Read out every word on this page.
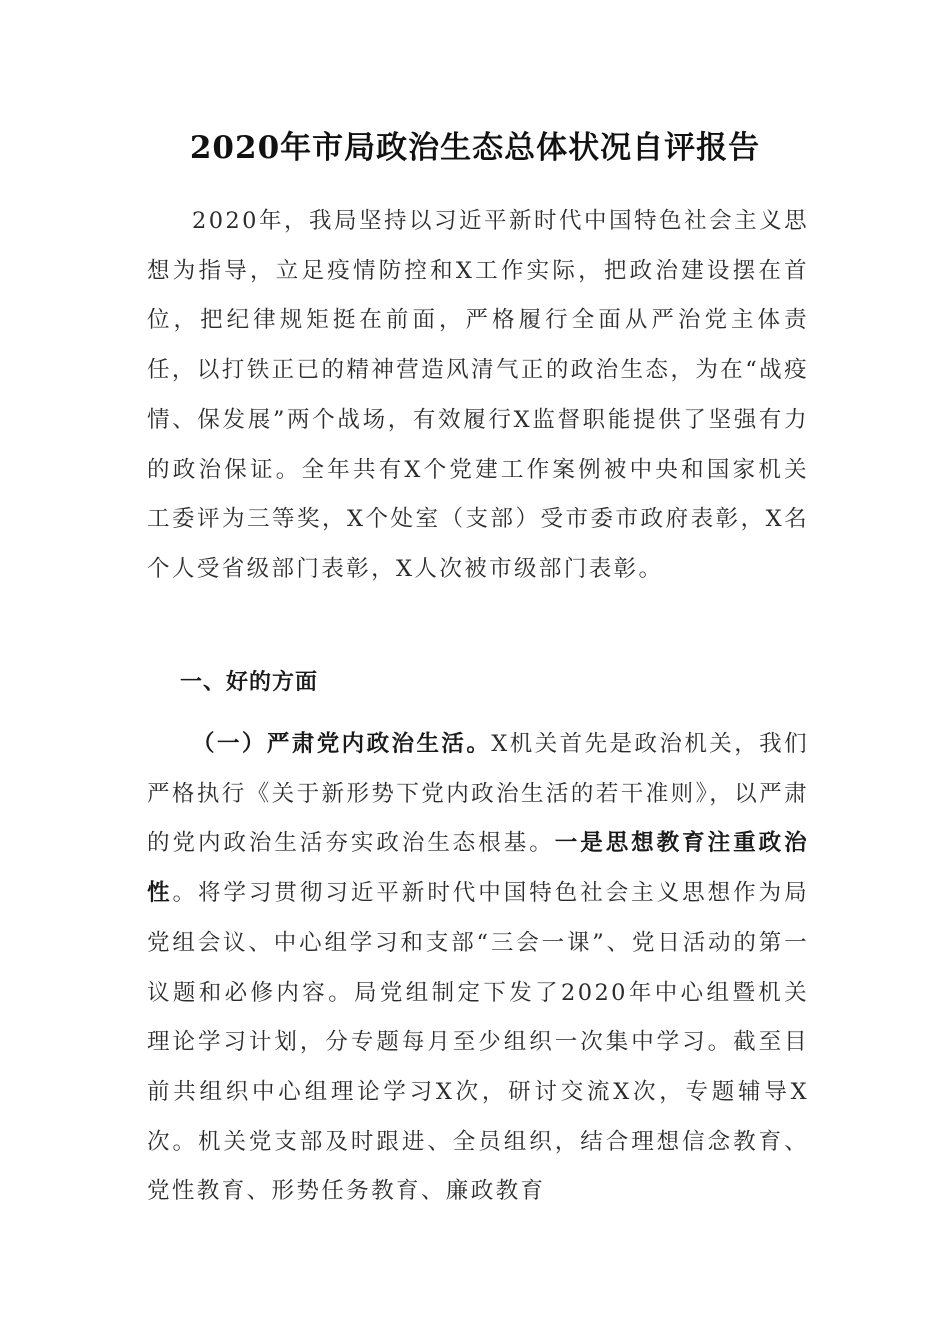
2020年市局政治生态总体状况自评报告

2020年，我局坚持以习近平新时代中国特色社会主义思想为指导，立足疫情防控和X工作实际，把政治建设摆在首位，把纪律规矩挺在前面，严格履行全面从严治党主体责任，以打铁正已的精神营造风清气正的政治生态，为在“战疫情、保发展”两个战场，有效履行X监督职能提供了坚强有力的政治保证。全年共有X个党建工作案例被中央和国家机关工委评为三等奖，X个处室（支部）受市委市政府表彰，X名个人受省级部门表彰，X人次被市级部门表彰。

一、好的方面

（一）严肃党内政治生活。X机关首先是政治机关，我们严格执行《关于新形势下党内政治生活的若干准则》，以严肃的党内政治生活夯实政治生态根基。一是思想教育注重政治性。将学习贯彻习近平新时代中国特色社会主义思想作为局党组会议、中心组学习和支部“三会一课”、党日活动的第一议题和必修内容。局党组制定下发了2020年中心组暨机关理论学习计划，分专题每月至少组织一次集中学习。截至目前共组织中心组理论学习X次，研讨交流X次，专题辅导X次。机关党支部及时跟进、全员组织，结合理想信念教育、党性教育、形势任务教育、廉政教育
